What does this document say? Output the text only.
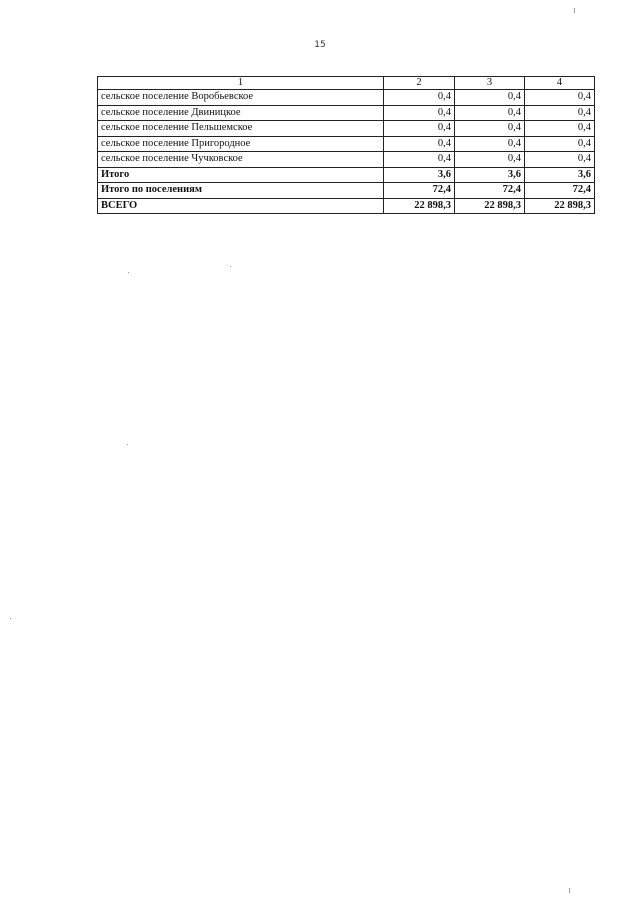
15
1	2	3	4
сельское поселение Воробьевское	0,4	0,4	0,4
сельское поселение Двиницкое	0,4	0,4	0,4
сельское поселение Пельшемское	0,4	0,4	0,4
сельское поселение Пригородное	0,4	0,4	0,4
сельское поселение Чучковское	0,4	0,4	0,4
Итого	3,6	3,6	3,6
Итого по поселениям	72,4	72,4	72,4
ВСЕГО	22 898,3	22 898,3	22 898,3
